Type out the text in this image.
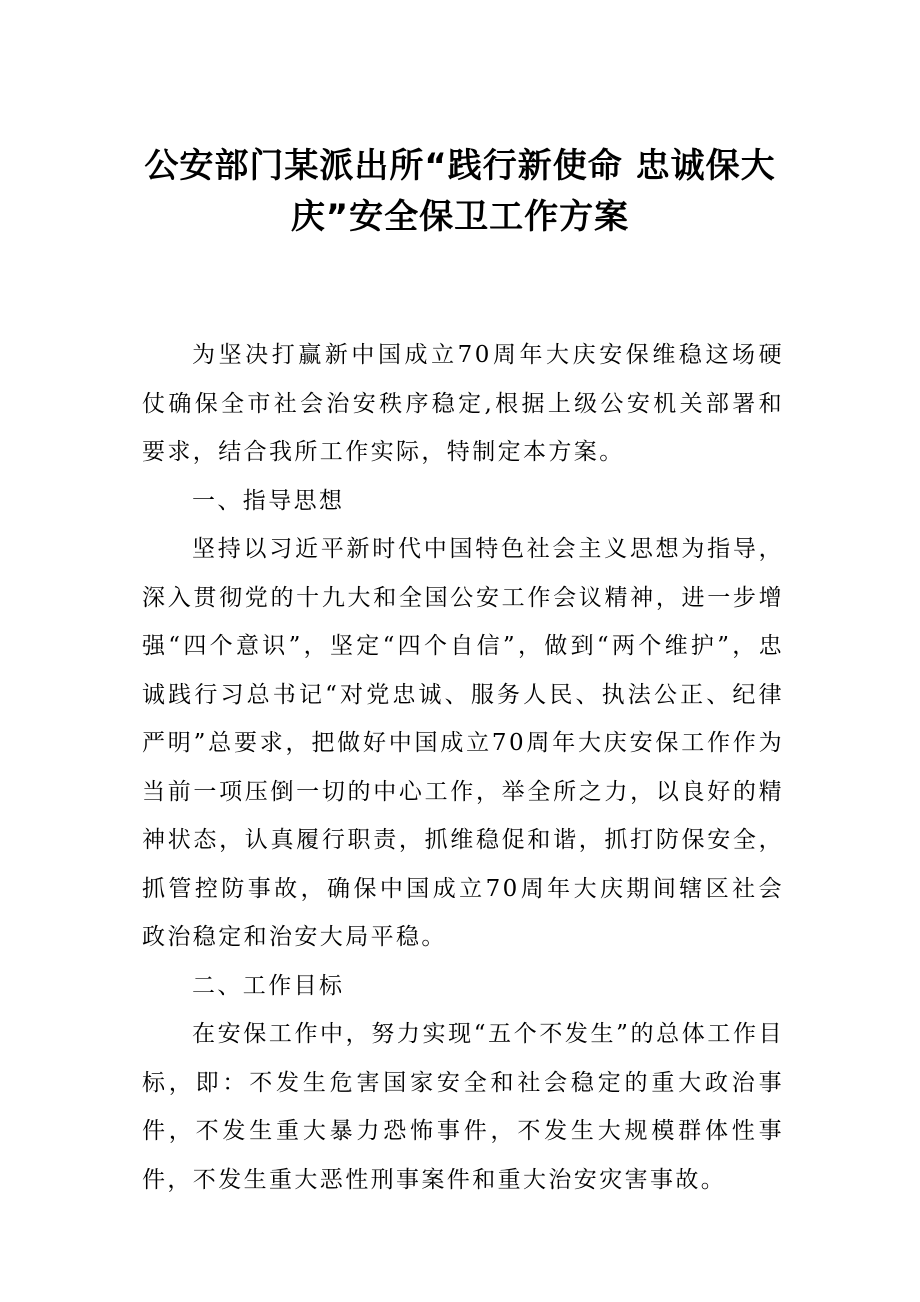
公安部门某派出所“践行新使命 忠诚保大
庆”安全保卫工作方案

为坚决打赢新中国成立70周年大庆安保维稳这场硬仗确保全市社会治安秩序稳定,根据上级公安机关部署和要求，结合我所工作实际，特制定本方案。

一、指导思想

坚持以习近平新时代中国特色社会主义思想为指导，深入贯彻党的十九大和全国公安工作会议精神，进一步增强“四个意识”，坚定“四个自信”，做到“两个维护”，忠诚践行习总书记“对党忠诚、服务人民、执法公正、纪律严明”总要求，把做好中国成立70周年大庆安保工作作为当前一项压倒一切的中心工作，举全所之力，以良好的精神状态，认真履行职责，抓维稳促和谐，抓打防保安全，抓管控防事故，确保中国成立70周年大庆期间辖区社会政治稳定和治安大局平稳。

二、工作目标

在安保工作中，努力实现“五个不发生”的总体工作目标，即：不发生危害国家安全和社会稳定的重大政治事件，不发生重大暴力恐怖事件，不发生大规模群体性事件，不发生重大恶性刑事案件和重大治安灾害事故。
